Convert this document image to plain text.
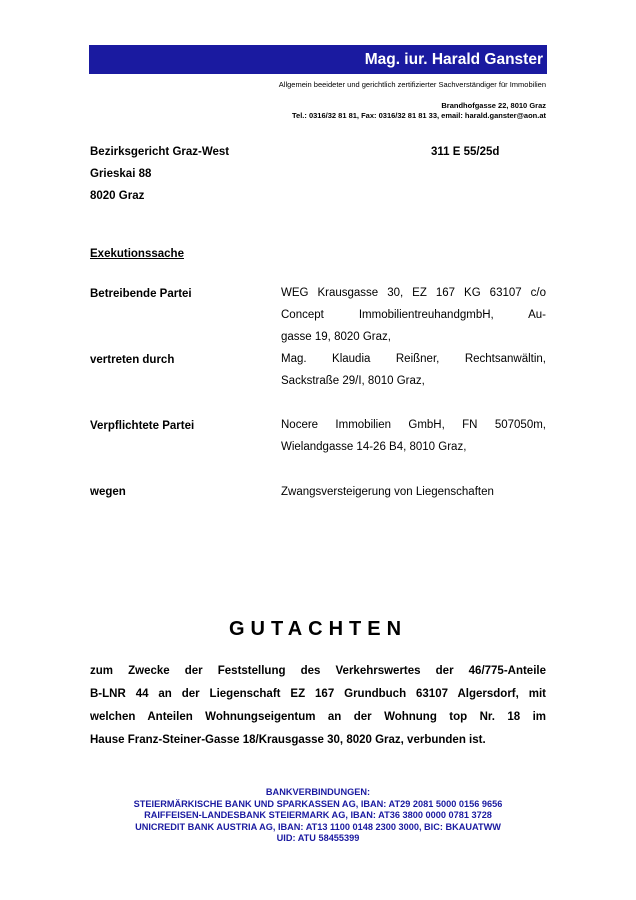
Mag. iur. Harald Ganster
Allgemein beeideter und gerichtlich zertifizierter Sachverständiger für Immobilien
Brandhofgasse 22, 8010 Graz
Tel.: 0316/32 81 81, Fax: 0316/32 81 81 33, email: harald.ganster@aon.at
Bezirksgericht Graz-West
Grieskai 88
8020 Graz
311 E 55/25d
Exekutionssache
Betreibende Partei	WEG Krausgasse 30, EZ 167 KG 63107 c/o
Concept ImmobilientreuhandgmbH, Au-
gasse 19, 8020 Graz,
vertreten durch	Mag. Klaudia Reißner, Rechtsanwältin,
Sackstraße 29/I, 8010 Graz,
Verpflichtete Partei	Nocere Immobilien GmbH, FN 507050m,
Wielandgasse 14-26 B4, 8010 Graz,
wegen	Zwangsversteigerung von Liegenschaften
GUTACHTEN
zum Zwecke der Feststellung des Verkehrswertes der 46/775-Anteile
B-LNR 44 an der Liegenschaft EZ 167 Grundbuch 63107 Algersdorf, mit
welchen Anteilen Wohnungseigentum an der Wohnung top Nr. 18 im
Hause Franz-Steiner-Gasse 18/Krausgasse 30, 8020 Graz, verbunden ist.
BANKVERBINDUNGEN:
STEIERMÄRKISCHE BANK UND SPARKASSEN AG, IBAN: AT29 2081 5000 0156 9656
RAIFFEISEN-LANDESBANK STEIERMARK AG, IBAN: AT36 3800 0000 0781 3728
UNICREDIT BANK AUSTRIA AG, IBAN: AT13 1100 0148 2300 3000, BIC: BKAUATWW
UID: ATU 58455399
